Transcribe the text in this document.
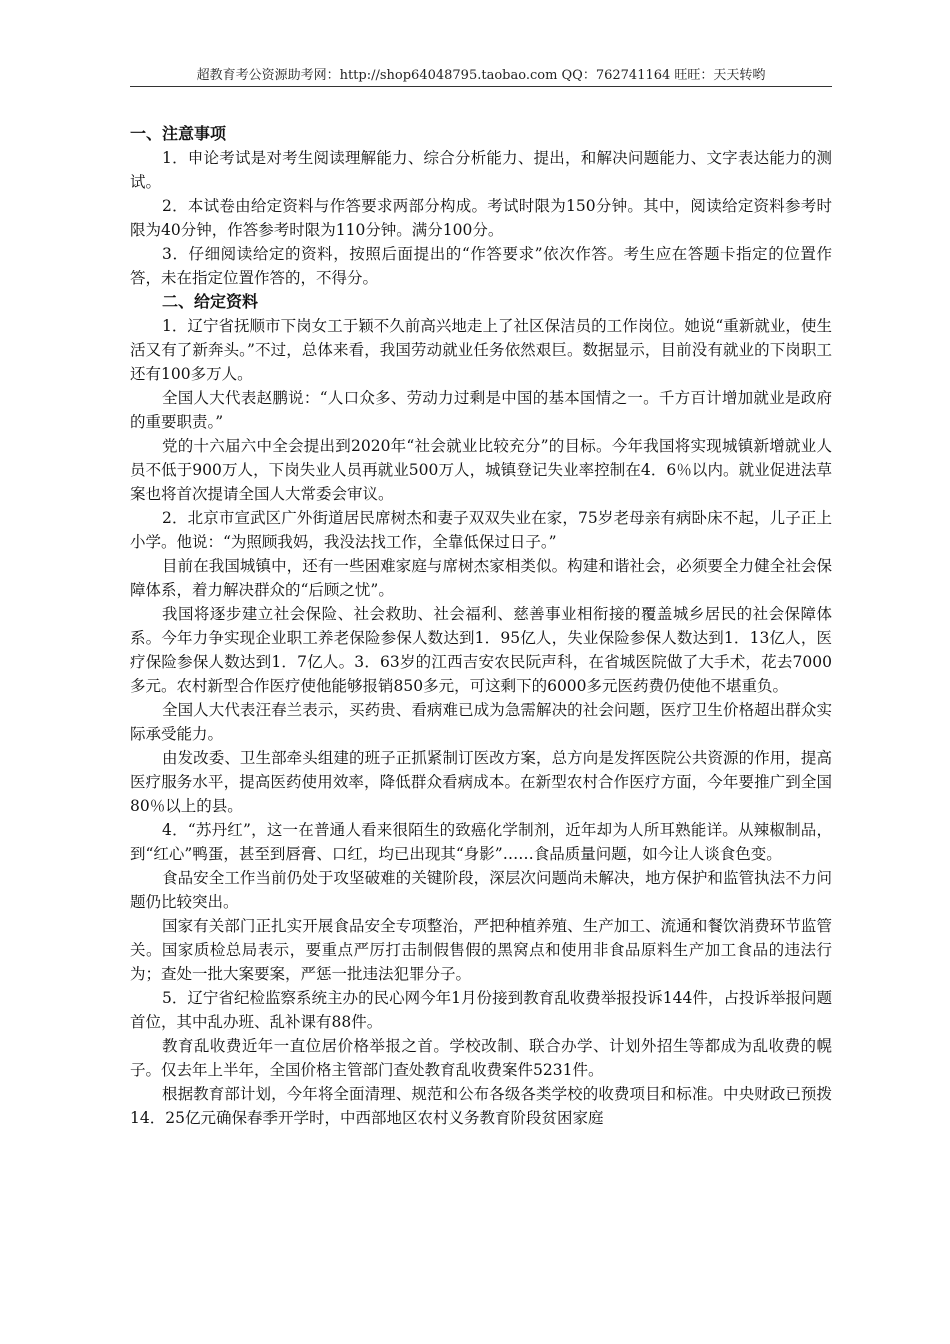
超教育考公资源助考网：http://shop64048795.taobao.com QQ：762741164 旺旺：天天转哟
一、注意事项

1．申论考试是对考生阅读理解能力、综合分析能力、提出，和解决问题能力、文字表达能力的测试。

2．本试卷由给定资料与作答要求两部分构成。考试时限为150分钟。其中，阅读给定资料参考时限为40分钟，作答参考时限为110分钟。满分100分。

3．仔细阅读给定的资料，按照后面提出的“作答要求”依次作答。考生应在答题卡指定的位置作答，未在指定位置作答的，不得分。

二、给定资料

1．辽宁省抚顺市下岗女工于颖不久前高兴地走上了社区保洁员的工作岗位。她说“重新就业，使生活又有了新奔头。”不过，总体来看，我国劳动就业任务依然艰巨。数据显示，目前没有就业的下岗职工还有100多万人。

全国人大代表赵鹏说：“人口众多、劳动力过剩是中国的基本国情之一。千方百计增加就业是政府的重要职责。”

党的十六届六中全会提出到2020年“社会就业比较充分”的目标。今年我国将实现城镇新增就业人员不低于900万人，下岗失业人员再就业500万人，城镇登记失业率控制在4．6％以内。就业促进法草案也将首次提请全国人大常委会审议。

2．北京市宣武区广外街道居民席树杰和妻子双双失业在家，75岁老母亲有病卧床不起，儿子正上小学。他说：“为照顾我妈，我没法找工作，全靠低保过日子。”

目前在我国城镇中，还有一些困难家庭与席树杰家相类似。构建和谐社会，必须要全力健全社会保障体系，着力解决群众的“后顾之忧”。

我国将逐步建立社会保险、社会救助、社会福利、慈善事业相衔接的覆盖城乡居民的社会保障体系。今年力争实现企业职工养老保险参保人数达到1．95亿人，失业保险参保人数达到1．13亿人，医疗保险参保人数达到1．7亿人。3．63岁的江西吉安农民阮声科，在省城医院做了大手术，花去7000多元。农村新型合作医疗使他能够报销850多元，可这剩下的6000多元医药费仍使他不堪重负。

全国人大代表汪春兰表示，买药贵、看病难已成为急需解决的社会问题，医疗卫生价格超出群众实际承受能力。

由发改委、卫生部牵头组建的班子正抓紧制订医改方案，总方向是发挥医院公共资源的作用，提高医疗服务水平，提高医药使用效率，降低群众看病成本。在新型农村合作医疗方面，今年要推广到全国80％以上的县。

4．“苏丹红”，这一在普通人看来很陌生的致癌化学制剂，近年却为人所耳熟能详。从辣椒制品，到“红心”鸭蛋，甚至到唇膏、口红，均已出现其“身影”……食品质量问题，如今让人谈食色变。

食品安全工作当前仍处于攻坚破难的关键阶段，深层次问题尚未解决，地方保护和监管执法不力问题仍比较突出。

国家有关部门正扎实开展食品安全专项整治，严把种植养殖、生产加工、流通和餐饮消费环节监管关。国家质检总局表示，要重点严厉打击制假售假的黑窝点和使用非食品原料生产加工食品的违法行为；查处一批大案要案，严惩一批违法犯罪分子。

5．辽宁省纪检监察系统主办的民心网今年1月份接到教育乱收费举报投诉144件，占投诉举报问题首位，其中乱办班、乱补课有88件。

教育乱收费近年一直位居价格举报之首。学校改制、联合办学、计划外招生等都成为乱收费的幌子。仅去年上半年，全国价格主管部门查处教育乱收费案件5231件。

根据教育部计划，今年将全面清理、规范和公布各级各类学校的收费项目和标准。中央财政已预拨14．25亿元确保春季开学时，中西部地区农村义务教育阶段贫困家庭
